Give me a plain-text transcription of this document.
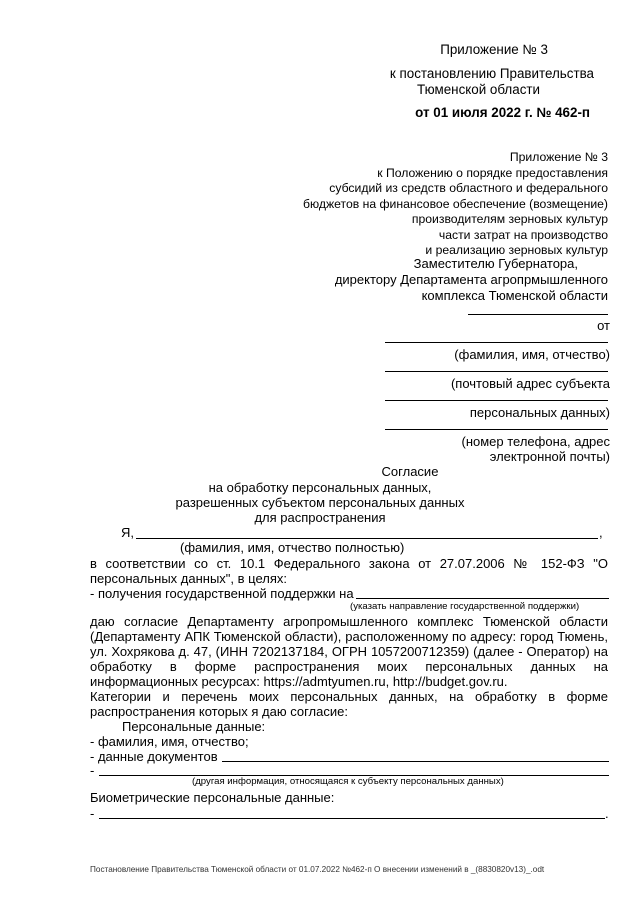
Приложение № 3
к постановлению Правительства
Тюменской области
от 01 июля 2022 г. № 462-п
Приложение № 3
к Положению о порядке предоставления
субсидий из средств областного и федерального
бюджетов на финансовое обеспечение (возмещение)
производителям зерновых культур
части затрат на производство
и реализацию зерновых культур
Заместителю Губернатора,
директору Департамента агропрмышленного
комплекса Тюменской области
от
(фамилия, имя, отчество)
(почтовый адрес субъекта
персональных данных)
(номер телефона, адрес
электронной почты)
Согласие
на обработку персональных данных,
разрешенных субъектом персональных данных
для распространения
Я,	,
(фамилия, имя, отчество полностью)
в соответствии со ст. 10.1 Федерального закона от 27.07.2006 № 152-ФЗ "О
персональных данных", в целях:
- получения государственной поддержки на
(указать направление государственной поддержки)
даю согласие Департаменту агропромышленного комплекс Тюменской области
(Департаменту АПК Тюменской области), расположенному по адресу: город Тюмень,
ул. Хохрякова д. 47, (ИНН 7202137184, ОГРН 1057200712359) (далее - Оператор) на
обработку в форме распространения моих персональных данных на
информационных ресурсах: https://admtyumen.ru, http://budget.gov.ru.
Категории и перечень моих персональных данных, на обработку в форме
распространения которых я даю согласие:
Персональные данные:
- фамилия, имя, отчество;
- данные документов
-
(другая информация, относящаяся к субъекту персональных данных)
Биометрические персональные данные:
-	.
Постановление Правительства Тюменской области от 01.07.2022 №462-п О внесении изменений в _(8830820v13)_.odt
